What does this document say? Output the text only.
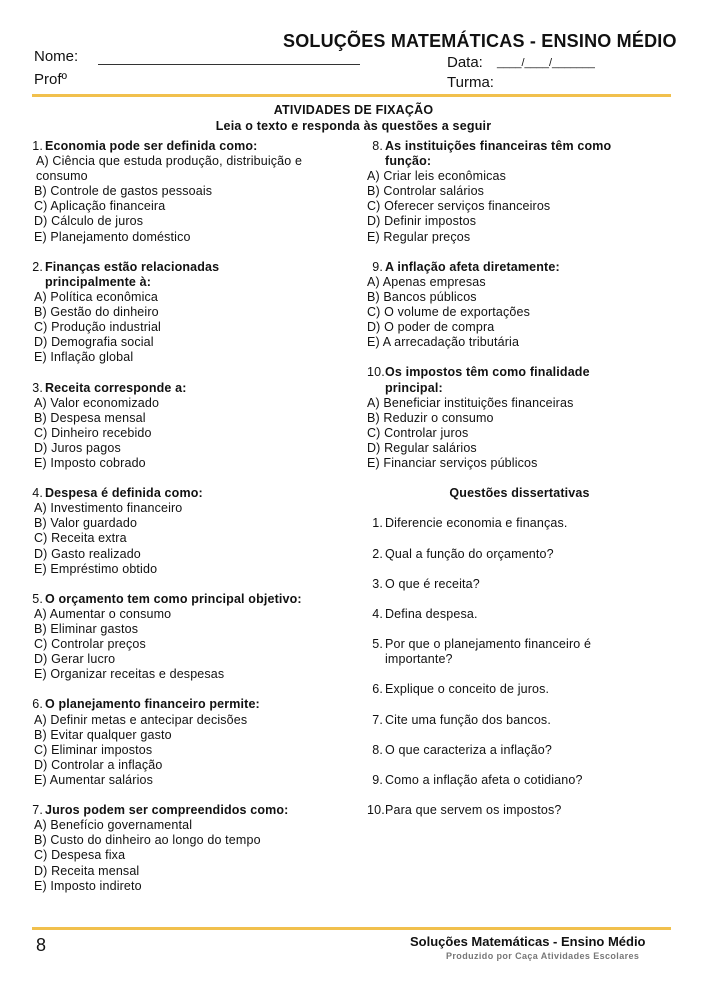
SOLUÇÕES MATEMÁTICAS - ENSINO MÉDIO
Nome:	Data: ____/____/_______
Profº	Turma:
ATIVIDADES DE FIXAÇÃO
Leia o texto e responda às questões a seguir
1. Economia pode ser definida como:
A) Ciência que estuda produção, distribuição e consumo
B) Controle de gastos pessoais
C) Aplicação financeira
D) Cálculo de juros
E) Planejamento doméstico
2. Finanças estão relacionadas principalmente à:
A) Política econômica
B) Gestão do dinheiro
C) Produção industrial
D) Demografia social
E) Inflação global
3. Receita corresponde a:
A) Valor economizado
B) Despesa mensal
C) Dinheiro recebido
D) Juros pagos
E) Imposto cobrado
4. Despesa é definida como:
A) Investimento financeiro
B) Valor guardado
C) Receita extra
D) Gasto realizado
E) Empréstimo obtido
5. O orçamento tem como principal objetivo:
A) Aumentar o consumo
B) Eliminar gastos
C) Controlar preços
D) Gerar lucro
E) Organizar receitas e despesas
6. O planejamento financeiro permite:
A) Definir metas e antecipar decisões
B) Evitar qualquer gasto
C) Eliminar impostos
D) Controlar a inflação
E) Aumentar salários
7. Juros podem ser compreendidos como:
A) Benefício governamental
B) Custo do dinheiro ao longo do tempo
C) Despesa fixa
D) Receita mensal
E) Imposto indireto
8. As instituições financeiras têm como função:
A) Criar leis econômicas
B) Controlar salários
C) Oferecer serviços financeiros
D) Definir impostos
E) Regular preços
9. A inflação afeta diretamente:
A) Apenas empresas
B) Bancos públicos
C) O volume de exportações
D) O poder de compra
E) A arrecadação tributária
10. Os impostos têm como finalidade principal:
A) Beneficiar instituições financeiras
B) Reduzir o consumo
C) Controlar juros
D) Regular salários
E) Financiar serviços públicos
Questões dissertativas
1. Diferencie economia e finanças.
2. Qual a função do orçamento?
3. O que é receita?
4. Defina despesa.
5. Por que o planejamento financeiro é importante?
6. Explique o conceito de juros.
7. Cite uma função dos bancos.
8. O que caracteriza a inflação?
9. Como a inflação afeta o cotidiano?
10. Para que servem os impostos?
8	Soluções Matemáticas - Ensino Médio
Produzido por Caça Atividades Escolares
